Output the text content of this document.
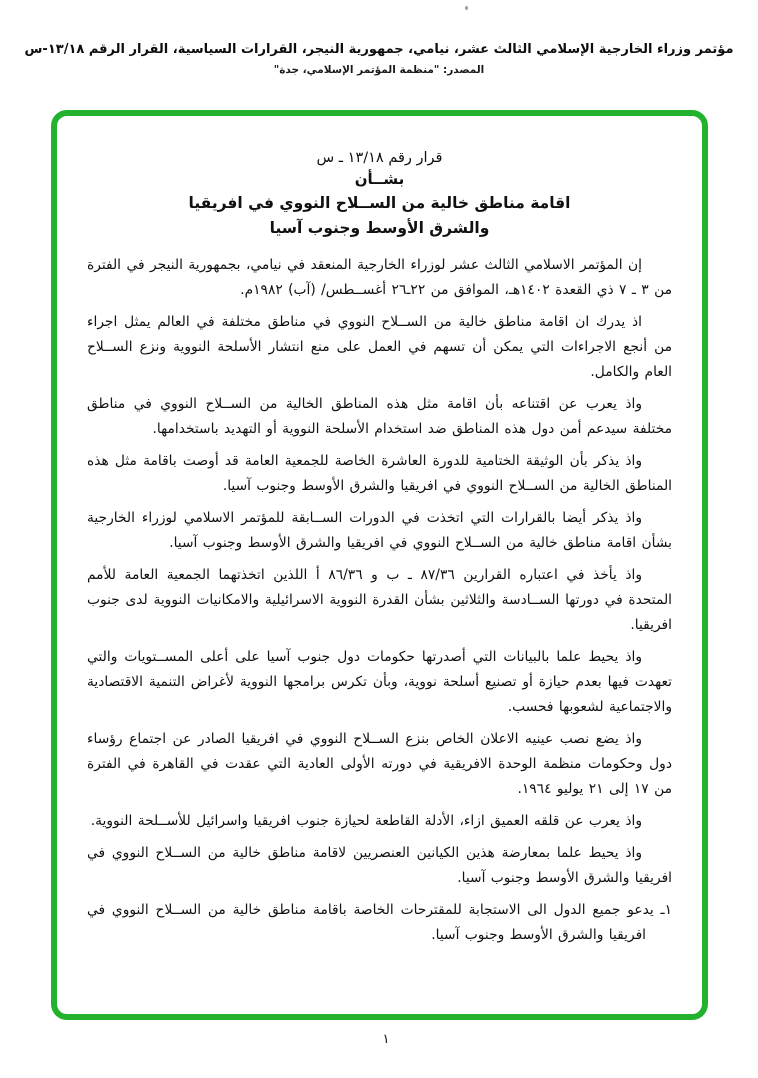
مؤتمر وزراء الخارجية الإسلامي الثالث عشر، نيامي، جمهورية النيجر، القرارات السياسية، القرار الرقم ١٣/١٨-س
المصدر: "منظمة المؤتمر الإسلامي، جدة"
قرار رقم ١٣/١٨ ـ س
بشــأن
اقامة مناطق خالية من الســلاح النووي في افريقيا
والشرق الأوسط وجنوب آسيا

إن المؤتمر الاسلامي الثالث عشر لوزراء الخارجية المنعقد في نيامي، بجمهورية النيجر في الفترة من ٣ ـ ٧ ذي القعدة ١٤٠٢هـ، الموافق من ٢٢ـ٢٦ أغســطس/ (آب) ١٩٨٢م.

اذ يدرك ان اقامة مناطق خالية من الســلاح النووي في مناطق مختلفة في العالم يمثل اجراء من أنجع الاجراءات التي يمكن أن تسهم في العمل على منع انتشار الأسلحة النووية ونزع الســلاح العام والكامل.

واذ يعرب عن اقتناعه بأن اقامة مثل هذه المناطق الخالية من الســلاح النووي في مناطق مختلفة سيدعم أمن دول هذه المناطق ضد استخدام الأسلحة النووية أو التهديد باستخدامها.

واذ يذكر بأن الوثيقة الختامية للدورة العاشرة الخاصة للجمعية العامة قد أوصت باقامة مثل هذه المناطق الخالية من الســلاح النووي في افريقيا والشرق الأوسط وجنوب آسيا.

واذ يذكر أيضا بالقرارات التي اتخذت في الدورات الســابقة للمؤتمر الاسلامي لوزراء الخارجية بشأن اقامة مناطق خالية من الســلاح النووي في افريقيا والشرق الأوسط وجنوب آسيا.

واذ يأخذ في اعتباره القرارين ٨٧/٣٦ ـ ب و ٨٦/٣٦ أ اللذين اتخذتهما الجمعية العامة للأمم المتحدة في دورتها الســادسة والثلاثين بشأن القدرة النووية الاسرائيلية والامكانيات النووية لدى جنوب افريقيا.

واذ يحيط علما بالبيانات التي أصدرتها حكومات دول جنوب آسيا على أعلى المســتويات والتي تعهدت فيها بعدم حيازة أو تصنيع أسلحة نووية، وبأن تكرس برامجها النووية لأغراض التنمية الاقتصادية والاجتماعية لشعوبها فحسب.

واذ يضع نصب عينيه الاعلان الخاص بنزع الســلاح النووي في افريقيا الصادر عن اجتماع رؤساء دول وحكومات منظمة الوحدة الافريقية في دورته الأولى العادية التي عقدت في القاهرة في الفترة من ١٧ إلى ٢١ يوليو ١٩٦٤.

واذ يعرب عن قلقه العميق ازاء، الأدلة القاطعة لحيازة جنوب افريقيا واسرائيل للأســلحة النووية.

واذ يحيط علما بمعارضة هذين الكيانين العنصريين لاقامة مناطق خالية من الســلاح النووي في افريقيا والشرق الأوسط وجنوب آسيا.

١ـ يدعو جميع الدول الى الاستجابة للمقترحات الخاصة باقامة مناطق خالية من الســلاح النووي في افريقيا والشرق الأوسط وجنوب آسيا.
١
